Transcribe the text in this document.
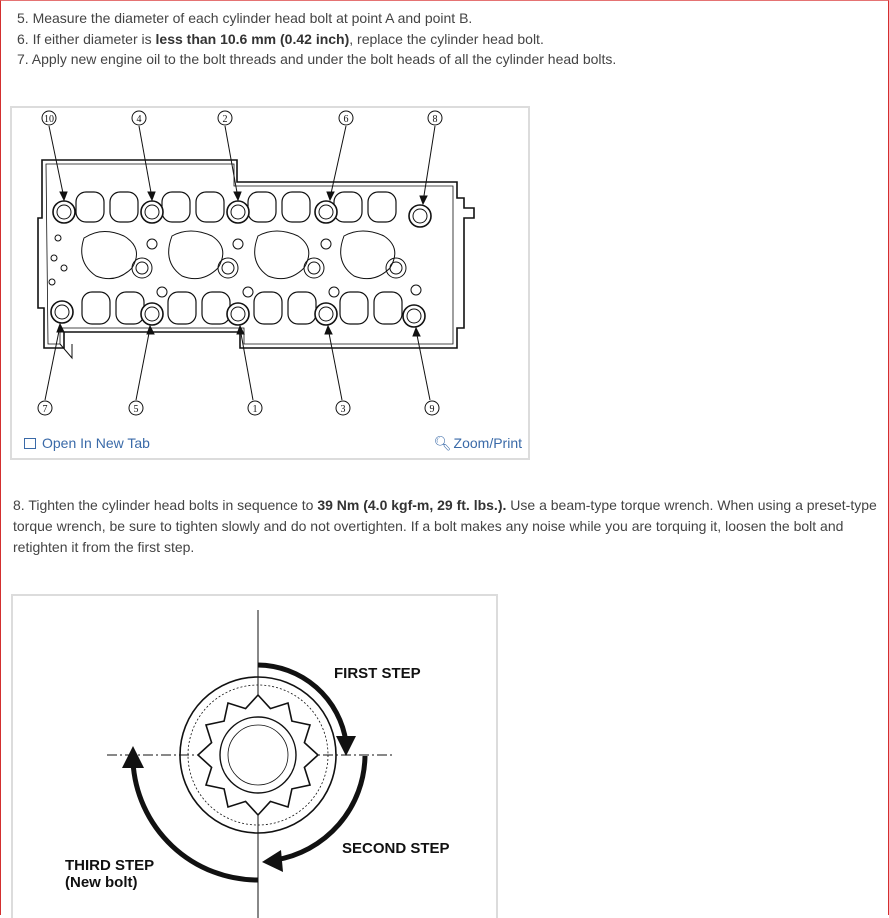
5. Measure the diameter of each cylinder head bolt at point A and point B.

6. If either diameter is less than 10.6 mm (0.42 inch), replace the cylinder head bolt.

7. Apply new engine oil to the bolt threads and under the bolt heads of all the cylinder head bolts.

10	4	2	6	8
7	5	1	3	9
Open In New Tab	🔍︎ Zoom/Print

8. Tighten the cylinder head bolts in sequence to 39 Nm (4.0 kgf-m, 29 ft. lbs.). Use a beam-type torque wrench. When using a preset-type torque wrench, be sure to tighten slowly and do not overtighten. If a bolt makes any noise while you are torquing it, loosen the bolt and retighten it from the first step.

FIRST STEP
SECOND STEP
THIRD STEP
(New bolt)
